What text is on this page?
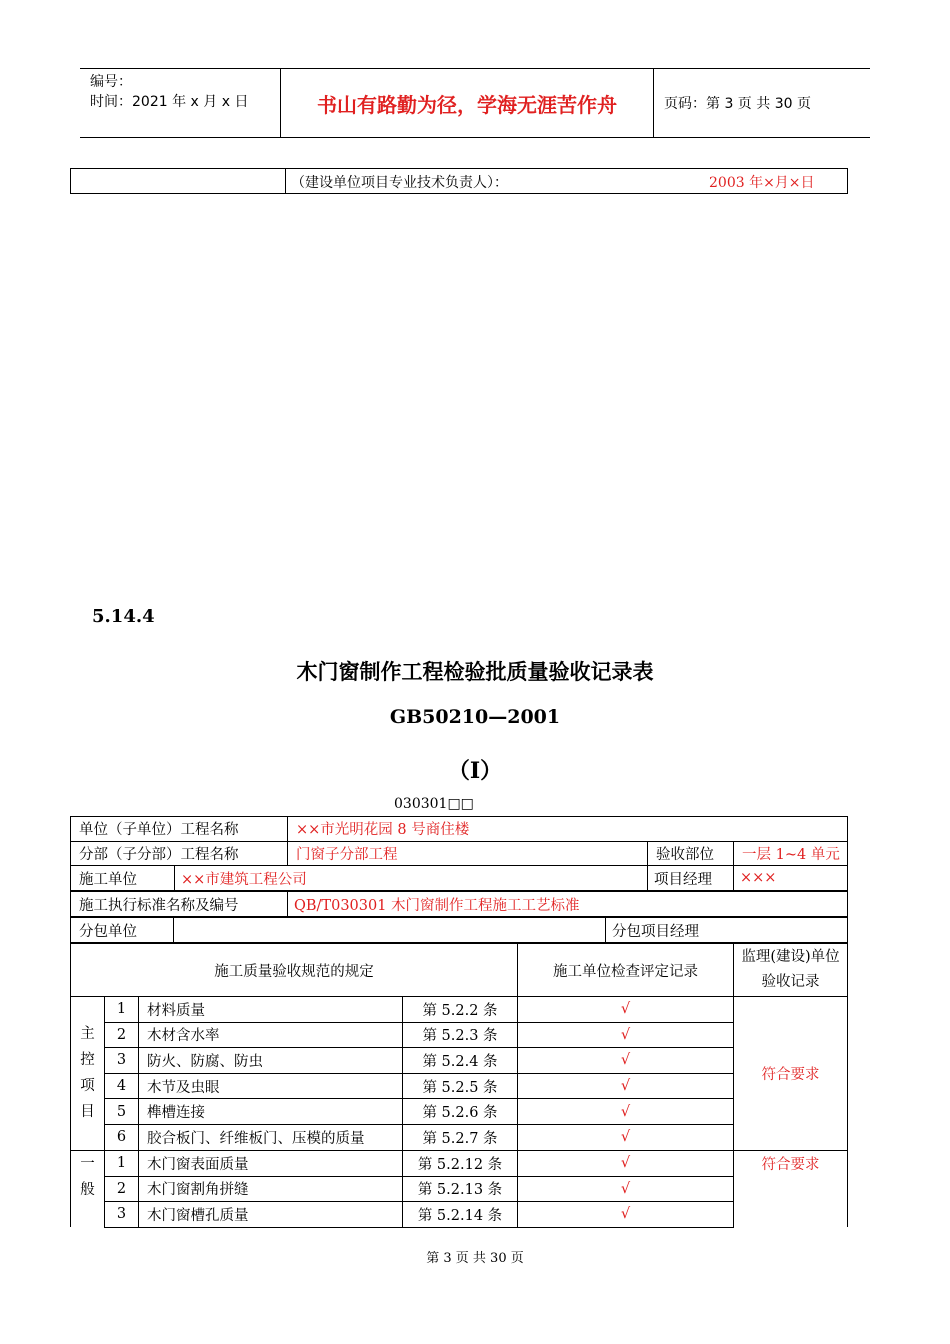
编号：
时间：2021 年 x 月 x 日	书山有路勤为径，学海无涯苦作舟	页码：第 3 页 共 30 页
（建设单位项目专业技术负责人）：	2003 年×月×日
5.14.4
木门窗制作工程检验批质量验收记录表
GB50210—2001
（Ⅰ）
030301□□
单位（子单位）工程名称	××市光明花园 8 号商住楼		
分部（子分部）工程名称	门窗子分部工程	验收部位	一层 1~4 单元
施工单位	××市建筑工程公司	项目经理	×××
施工执行标准名称及编号	QB/T030301 木门窗制作工程施工工艺标准
分包单位		分包项目经理
施工质量验收规范的规定	施工单位检查评定记录	监理(建设)单位验收记录
主
控
项
目	1	材料质量	第 5.2.2 条	√	符合要求
	2	木材含水率	第 5.2.3 条	√	
	3	防火、防腐、防虫	第 5.2.4 条	√	
	4	木节及虫眼	第 5.2.5 条	√	
	5	榫槽连接	第 5.2.6 条	√	
	6	胶合板门、纤维板门、压模的质量	第 5.2.7 条	√	
一
般	1	木门窗表面质量	第 5.2.12 条	√	符合要求
	2	木门窗割角拼缝	第 5.2.13 条	√	
	3	木门窗槽孔质量	第 5.2.14 条	√	
第 3 页 共 30 页
